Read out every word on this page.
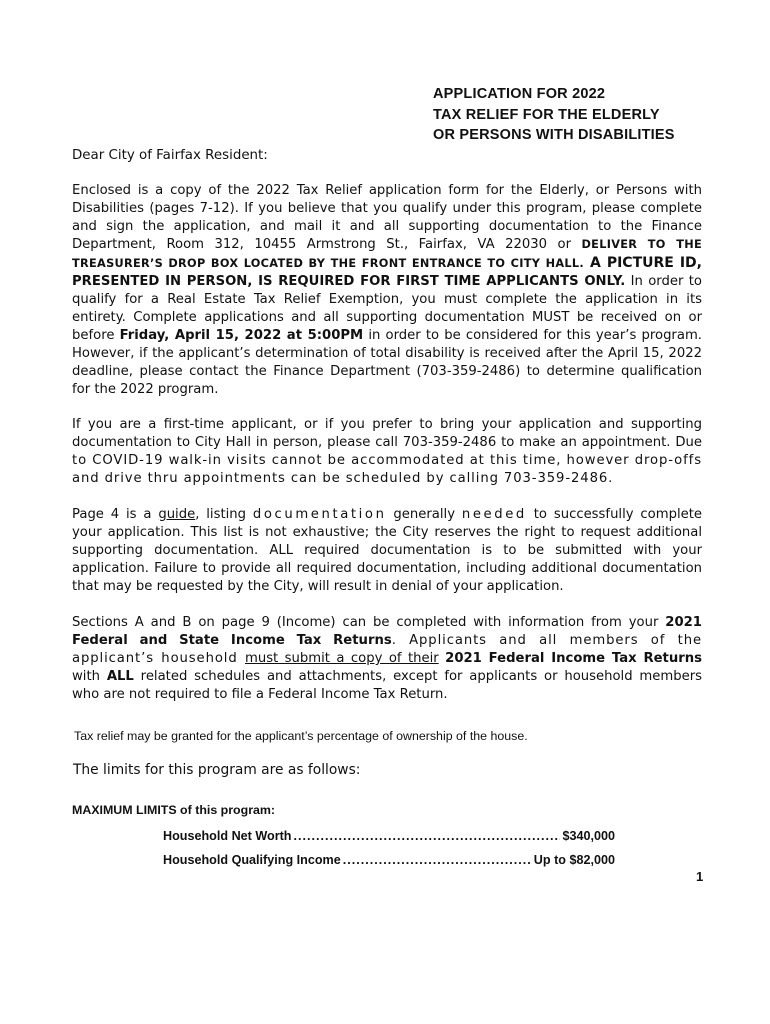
APPLICATION FOR 2022
TAX RELIEF FOR THE ELDERLY
OR PERSONS WITH DISABILITIES
Dear City of Fairfax Resident:

Enclosed is a copy of the 2022 Tax Relief application form for the Elderly, or Persons with Disabilities (pages 7-12). If you believe that you qualify under this program, please complete and sign the application, and mail it and all supporting documentation to the Finance Department, Room 312, 10455 Armstrong St., Fairfax, VA 22030 or DELIVER TO THE TREASURER’S DROP BOX LOCATED BY THE FRONT ENTRANCE TO CITY HALL. A PICTURE ID, PRESENTED IN PERSON, IS REQUIRED FOR FIRST TIME APPLICANTS ONLY. In order to qualify for a Real Estate Tax Relief Exemption, you must complete the application in its entirety. Complete applications and all supporting documentation MUST be received on or before Friday, April 15, 2022 at 5:00PM in order to be considered for this year’s program. However, if the applicant’s determination of total disability is received after the April 15, 2022 deadline, please contact the Finance Department (703-359-2486) to determine qualification for the 2022 program.

If you are a first-time applicant, or if you prefer to bring your application and supporting documentation to City Hall in person, please call 703-359-2486 to make an appointment. Due to COVID-19 walk-in visits cannot be accommodated at this time, however drop-offs and drive thru appointments can be scheduled by calling 703-359-2486.

Page 4 is a guide, listing documentation generally needed to successfully complete your application. This list is not exhaustive; the City reserves the right to request additional supporting documentation. ALL required documentation is to be submitted with your application. Failure to provide all required documentation, including additional documentation that may be requested by the City, will result in denial of your application.

Sections A and B on page 9 (Income) can be completed with information from your 2021 Federal and State Income Tax Returns. Applicants and all members of the applicant’s household must submit a copy of their 2021 Federal Income Tax Returns with ALL related schedules and attachments, except for applicants or household members who are not required to file a Federal Income Tax Return.

Tax relief may be granted for the applicant’s percentage of ownership of the house.
The limits for this program are as follows:
MAXIMUM LIMITS of this program:
Household Net Worth .....	$340,000
Household Qualifying Income .....	Up to $82,000
1
